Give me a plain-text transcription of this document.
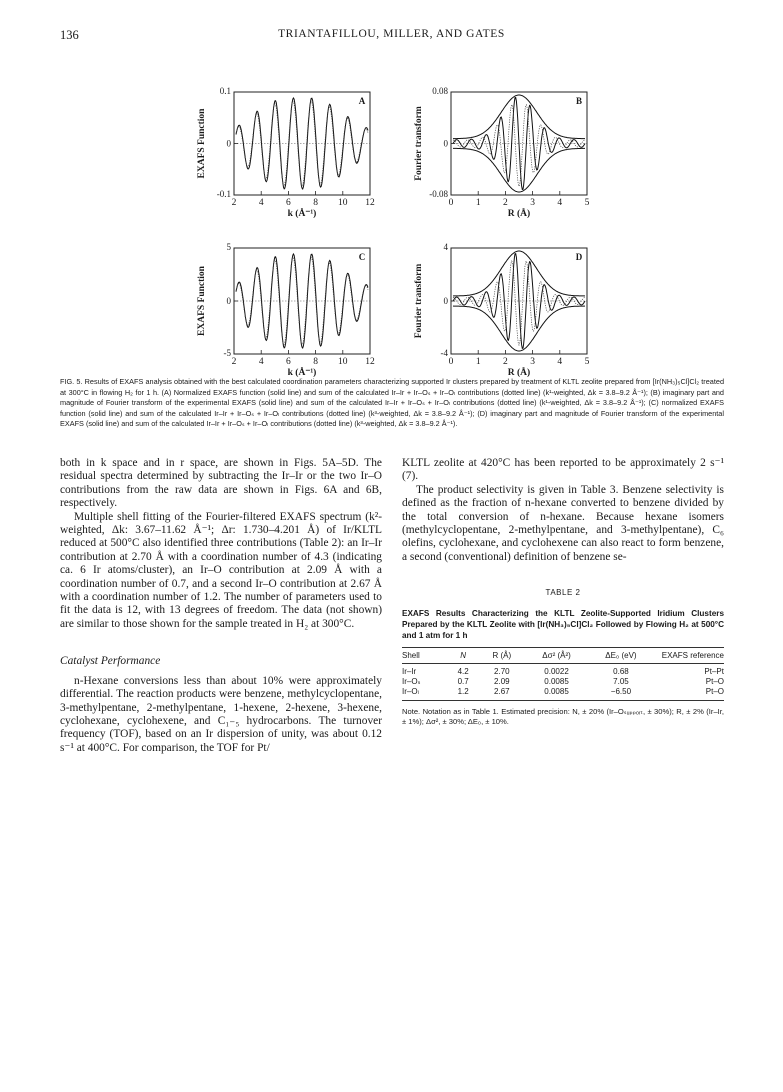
136	TRIANTAFILLOU, MILLER, AND GATES
A
0.1
0
-0.1
2 4 6 8 10 12
k (Å⁻¹)
EXAFS Function
B
0.08
0
-0.08
0 1 2 3 4 5
R (Å)
Fourier transform
C
5
0
-5
2 4 6 8 10 12
k (Å⁻¹)
EXAFS Function
D
4
0
-4
0 1 2 3 4 5
R (Å)
Fourier transform
FIG. 5. Results of EXAFS analysis obtained with the best calculated coordination parameters characterizing supported Ir clusters prepared by treatment of KLTL zeolite prepared from [Ir(NH₃)₅Cl]Cl₂ treated at 300°C in flowing H₂ for 1 h. (A) Normalized EXAFS function (solid line) and sum of the calculated Ir–Ir + Ir–Oₛ + Ir–Oₗ contributions (dotted line) (k¹-weighted, Δk = 3.8–9.2 Å⁻¹); (B) imaginary part and magnitude of Fourier transform of the experimental EXAFS (solid line) and sum of the calculated Ir–Ir + Ir–Oₛ + Ir–Oₗ contributions (dotted line) (k¹-weighted, Δk = 3.8–9.2 Å⁻¹); (C) normalized EXAFS function (solid line) and sum of the calculated Ir–Ir + Ir–Oₛ + Ir–Oₗ contributions (dotted line) (k³-weighted, Δk = 3.8–9.2 Å⁻¹); (D) imaginary part and magnitude of Fourier transform of the experimental EXAFS (solid line) and sum of the calculated Ir–Ir + Ir–Oₛ + Ir–Oₗ contributions (dotted line) (k³-weighted, Δk = 3.8–9.2 Å⁻¹).

both in k space and in r space, are shown in Figs. 5A–5D. The residual spectra determined by subtracting the Ir–Ir or the two Ir–O contributions from the raw data are shown in Figs. 6A and 6B, respectively.

Multiple shell fitting of the Fourier-filtered EXAFS spectrum (k²-weighted, Δk: 3.67–11.62 Å⁻¹; Δr: 1.730–4.201 Å) of Ir/KLTL reduced at 500°C also identified three contributions (Table 2): an Ir–Ir contribution at 2.70 Å with a coordination number of 4.3 (indicating ca. 6 Ir atoms/cluster), an Ir–O contribution at 2.09 Å with a coordination number of 0.7, and a second Ir–O contribution at 2.67 Å with a coordination number of 1.2. The number of parameters used to fit the data is 12, with 13 degrees of freedom. The data (not shown) are similar to those shown for the sample treated in H₂ at 300°C.

Catalyst Performance

n-Hexane conversions less than about 10% were approximately differential. The reaction products were benzene, methylcyclopentane, 3-methylpentane, 2-methylpentane, 1-hexene, 2-hexene, 3-hexene, cyclohexane, cyclohexene, and C₁₋₅ hydrocarbons. The turnover frequency (TOF), based on an Ir dispersion of unity, was about 0.12 s⁻¹ at 400°C. For comparison, the TOF for Pt/

KLTL zeolite at 420°C has been reported to be approximately 2 s⁻¹ (7).

The product selectivity is given in Table 3. Benzene selectivity is defined as the fraction of n-hexane converted to benzene divided by the total conversion of n-hexane. Because hexane isomers (methylcyclopentane, 2-methylpentane, and 3-methylpentane), C₆ olefins, cyclohexane, and cyclohexene can also react to form benzene, a second (conventional) definition of benzene se-

TABLE 2
EXAFS Results Characterizing the KLTL Zeolite-Supported Iridium Clusters Prepared by the KLTL Zeolite with [Ir(NH₃)₅Cl]Cl₂ Followed by Flowing H₂ at 500°C and 1 atm for 1 h
Shell	N	R (Å)	Δσ² (Å²)	ΔE₀ (eV)	EXAFS reference
Ir–Ir	4.2	2.70	0.0022	0.68	Pt–Pt
Ir–Oₛ	0.7	2.09	0.0085	7.05	Pt–O
Ir–Oₗ	1.2	2.67	0.0085	−6.50	Pt–O
Note. Notation as in Table 1. Estimated precision: N, ± 20% (Ir–Oₛᵤₚₚₒᵣₜ, ± 30%); R, ± 2% (Ir–Ir, ± 1%); Δσ², ± 30%; ΔE₀, ± 10%.
